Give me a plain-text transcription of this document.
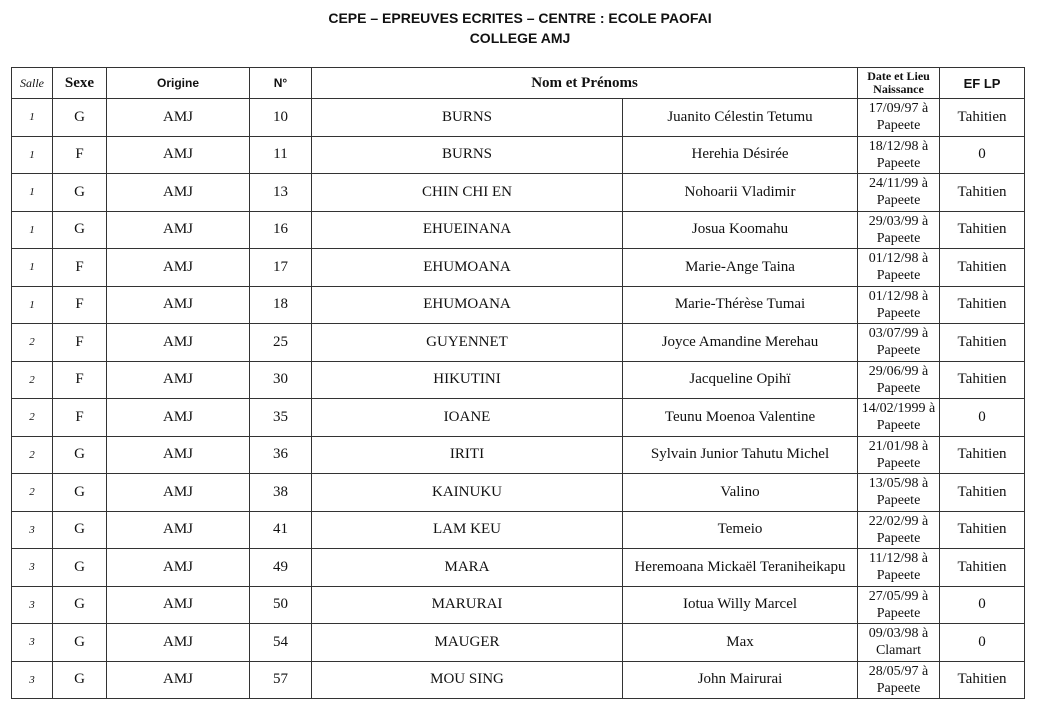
CEPE – EPREUVES ECRITES – CENTRE : ECOLE PAOFAI
COLLEGE AMJ
Salle	Sexe	Origine	N°	Nom et Prénoms		Date et Lieu Naissance	EF LP
1	G	AMJ	10	BURNS	Juanito Célestin Tetumu	17/09/97 à Papeete	Tahitien
1	F	AMJ	11	BURNS	Herehia Désirée	18/12/98 à Papeete	0
1	G	AMJ	13	CHIN CHI EN	Nohoarii Vladimir	24/11/99 à Papeete	Tahitien
1	G	AMJ	16	EHUEINANA	Josua Koomahu	29/03/99 à Papeete	Tahitien
1	F	AMJ	17	EHUMOANA	Marie-Ange Taina	01/12/98 à Papeete	Tahitien
1	F	AMJ	18	EHUMOANA	Marie-Thérèse Tumai	01/12/98 à Papeete	Tahitien
2	F	AMJ	25	GUYENNET	Joyce Amandine Merehau	03/07/99 à Papeete	Tahitien
2	F	AMJ	30	HIKUTINI	Jacqueline Opihï	29/06/99 à Papeete	Tahitien
2	F	AMJ	35	IOANE	Teunu Moenoa Valentine	14/02/1999 à Papeete	0
2	G	AMJ	36	IRITI	Sylvain Junior Tahutu Michel	21/01/98 à Papeete	Tahitien
2	G	AMJ	38	KAINUKU	Valino	13/05/98 à Papeete	Tahitien
3	G	AMJ	41	LAM KEU	Temeio	22/02/99 à Papeete	Tahitien
3	G	AMJ	49	MARA	Heremoana Mickaël Teraniheikapu	11/12/98 à Papeete	Tahitien
3	G	AMJ	50	MARURAI	Iotua Willy Marcel	27/05/99 à Papeete	0
3	G	AMJ	54	MAUGER	Max	09/03/98 à Clamart	0
3	G	AMJ	57	MOU SING	John Mairurai	28/05/97 à Papeete	Tahitien
